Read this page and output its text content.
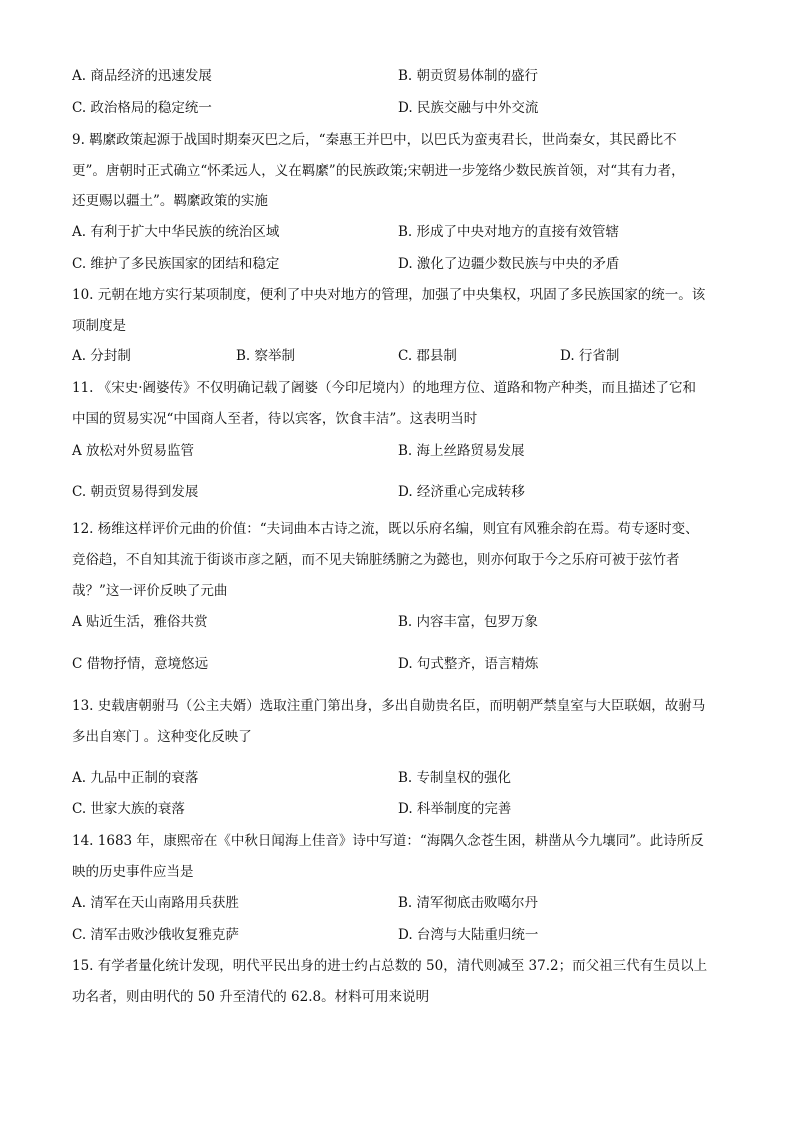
A. 商品经济的迅速发展	B. 朝贡贸易体制的盛行
C. 政治格局的稳定统一	D. 民族交融与中外交流
9. 羁縻政策起源于战国时期秦灭巴之后，“秦惠王并巴中，以巴氏为蛮夷君长，世尚秦女，其民爵比不
更”。唐朝时正式确立“怀柔远人，义在羁縻”的民族政策;宋朝进一步笼络少数民族首领，对“其有力者，
还更赐以疆土”。羁縻政策的实施
A. 有利于扩大中华民族的统治区域	B. 形成了中央对地方的直接有效管辖
C. 维护了多民族国家的团结和稳定	D. 激化了边疆少数民族与中央的矛盾
10. 元朝在地方实行某项制度，便利了中央对地方的管理，加强了中央集权，巩固了多民族国家的统一。该
项制度是
A. 分封制	B. 察举制	C. 郡县制	D. 行省制
11. 《宋史·阇婆传》不仅明确记载了阇婆（今印尼境内）的地理方位、道路和物产种类，而且描述了它和
中国的贸易实况“中国商人至者，待以宾客，饮食丰洁”。这表明当时
A 放松对外贸易监管	B. 海上丝路贸易发展
C. 朝贡贸易得到发展	D. 经济重心完成转移
12. 杨维这样评价元曲的价值：“夫词曲本古诗之流，既以乐府名编，则宜有风雅余韵在焉。苟专逐时变、
竞俗趋，不自知其流于街谈市彦之陋，而不见夫锦脏绣腑之为懿也，则亦何取于今之乐府可被于弦竹者
哉？”这一评价反映了元曲
A 贴近生活，雅俗共赏	B. 内容丰富，包罗万象
C 借物抒情，意境悠远	D. 句式整齐，语言精炼
13. 史载唐朝驸马（公主夫婿）选取注重门第出身，多出自勋贵名臣，而明朝严禁皇室与大臣联姻，故驸马
多出自寒门 。这种变化反映了
A. 九品中正制的衰落	B. 专制皇权的强化
C. 世家大族的衰落	D. 科举制度的完善
14. 1683 年，康熙帝在《中秋日闻海上佳音》诗中写道：“海隅久念苍生困，耕凿从今九壤同”。此诗所反
映的历史事件应当是
A. 清军在天山南路用兵获胜	B. 清军彻底击败噶尔丹
C. 清军击败沙俄收复雅克萨	D. 台湾与大陆重归统一
15. 有学者量化统计发现，明代平民出身的进士约占总数的 50，清代则减至 37.2；而父祖三代有生员以上
功名者，则由明代的 50 升至清代的 62.8。材料可用来说明
